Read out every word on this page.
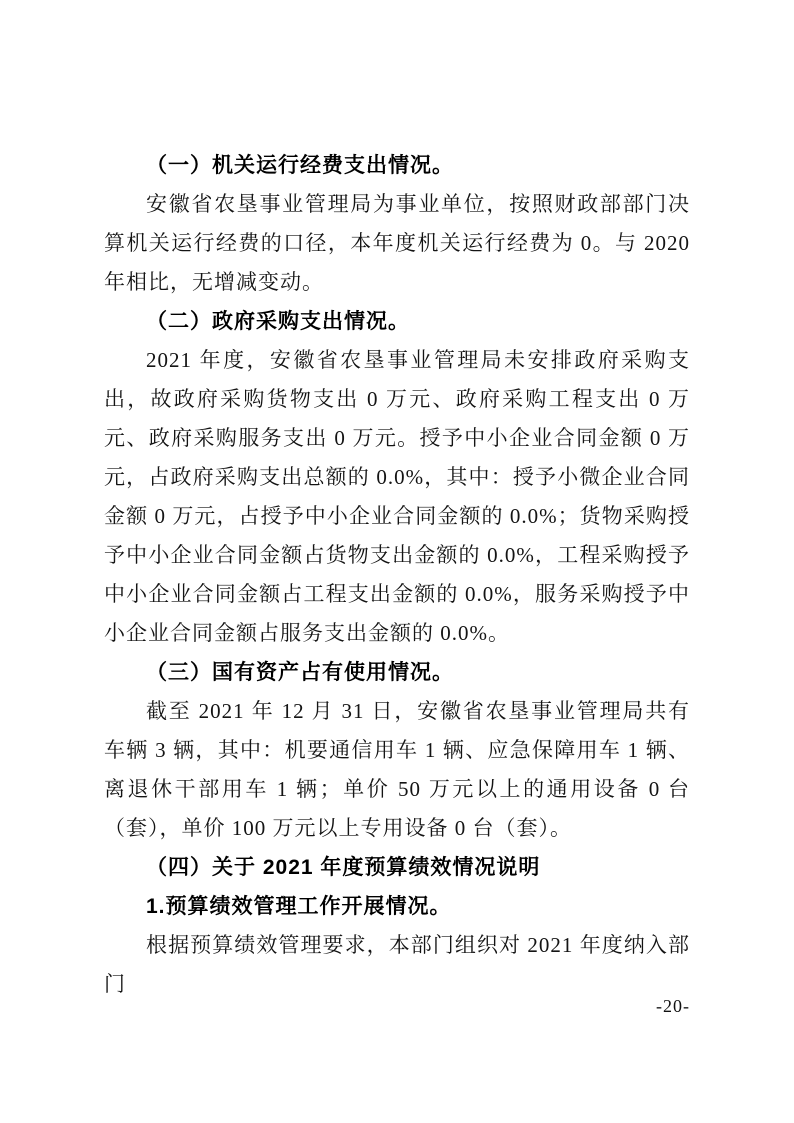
（一）机关运行经费支出情况。

安徽省农垦事业管理局为事业单位，按照财政部部门决算机关运行经费的口径，本年度机关运行经费为 0。与 2020 年相比，无增减变动。

（二）政府采购支出情况。

2021 年度，安徽省农垦事业管理局未安排政府采购支出，故政府采购货物支出 0 万元、政府采购工程支出 0 万元、政府采购服务支出 0 万元。授予中小企业合同金额 0 万元，占政府采购支出总额的 0.0%，其中：授予小微企业合同金额 0 万元，占授予中小企业合同金额的 0.0%；货物采购授予中小企业合同金额占货物支出金额的 0.0%，工程采购授予中小企业合同金额占工程支出金额的 0.0%，服务采购授予中小企业合同金额占服务支出金额的 0.0%。

（三）国有资产占有使用情况。

截至 2021 年 12 月 31 日，安徽省农垦事业管理局共有车辆 3 辆，其中：机要通信用车 1 辆、应急保障用车 1 辆、离退休干部用车 1 辆；单价 50 万元以上的通用设备 0 台（套），单价 100 万元以上专用设备 0 台（套）。

（四）关于 2021 年度预算绩效情况说明
1.预算绩效管理工作开展情况。

根据预算绩效管理要求，本部门组织对 2021 年度纳入部门

-20-
